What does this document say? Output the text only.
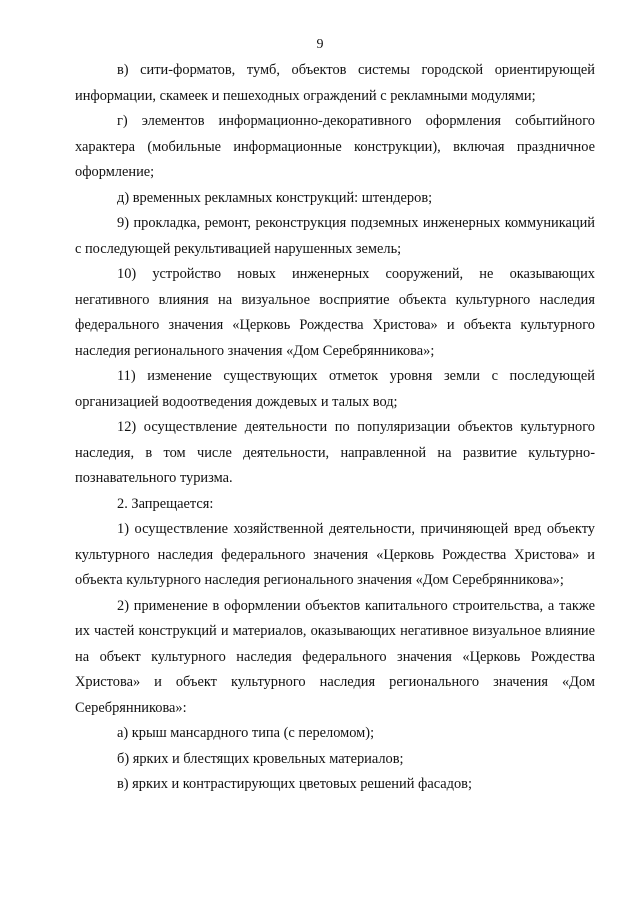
9

в) сити-форматов, тумб, объектов системы городской ориентирующей информации, скамеек и пешеходных ограждений с рекламными модулями;

г) элементов информационно-декоративного оформления событийного характера (мобильные информационные конструкции), включая праздничное оформление;

д) временных рекламных конструкций: штендеров;

9) прокладка, ремонт, реконструкция подземных инженерных коммуникаций с последующей рекультивацией нарушенных земель;

10) устройство новых инженерных сооружений, не оказывающих негативного влияния на визуальное восприятие объекта культурного наследия федерального значения «Церковь Рождества Христова» и объекта культурного наследия регионального значения «Дом Серебрянникова»;

11) изменение существующих отметок уровня земли с последующей организацией водоотведения дождевых и талых вод;

12) осуществление деятельности по популяризации объектов культурного наследия, в том числе деятельности, направленной на развитие культурно-познавательного туризма.

2. Запрещается:

1) осуществление хозяйственной деятельности, причиняющей вред объекту культурного наследия федерального значения «Церковь Рождества Христова» и объекта культурного наследия регионального значения «Дом Серебрянникова»;

2) применение в оформлении объектов капитального строительства, а также их частей конструкций и материалов, оказывающих негативное визуальное влияние на объект культурного наследия федерального значения «Церковь Рождества Христова» и объект культурного наследия регионального значения «Дом Серебрянникова»:

а) крыш мансардного типа (с переломом);

б) ярких и блестящих кровельных материалов;

в) ярких и контрастирующих цветовых решений фасадов;
